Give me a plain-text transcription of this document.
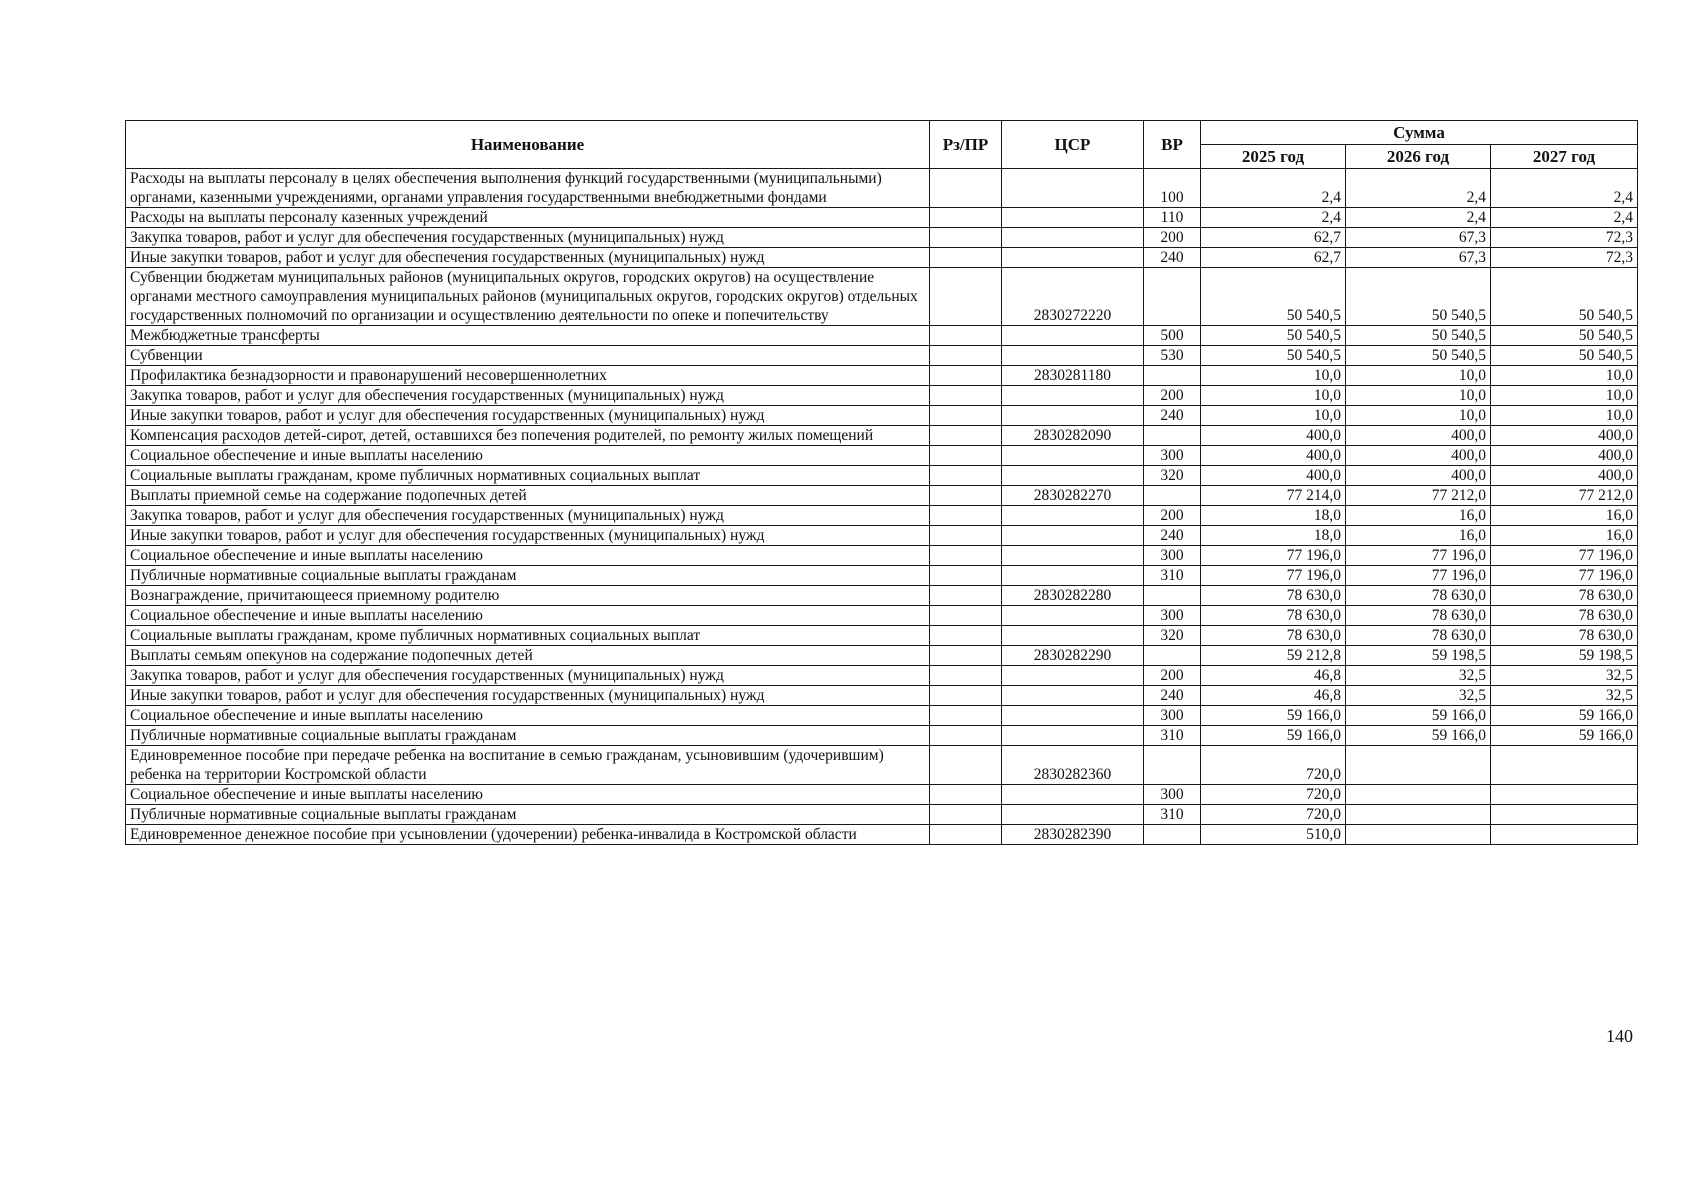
Наименование	Рз/ПР	ЦСР	ВР	Сумма		
				2025 год	2026 год	2027 год
Расходы на выплаты персоналу в целях обеспечения выполнения функций государственными (муниципальными) органами, казенными учреждениями, органами управления государственными внебюджетными фондами			100	2,4	2,4	2,4
Расходы на выплаты персоналу казенных учреждений			110	2,4	2,4	2,4
Закупка товаров, работ и услуг для обеспечения государственных (муниципальных) нужд			200	62,7	67,3	72,3
Иные закупки товаров, работ и услуг для обеспечения государственных (муниципальных) нужд			240	62,7	67,3	72,3
Субвенции бюджетам муниципальных районов (муниципальных округов, городских округов) на осуществление органами местного самоуправления муниципальных районов (муниципальных округов, городских округов) отдельных государственных полномочий по организации и осуществлению деятельности по опеке и попечительству		2830272220		50 540,5	50 540,5	50 540,5
Межбюджетные трансферты			500	50 540,5	50 540,5	50 540,5
Субвенции			530	50 540,5	50 540,5	50 540,5
Профилактика безнадзорности и правонарушений несовершеннолетних		2830281180		10,0	10,0	10,0
Закупка товаров, работ и услуг для обеспечения государственных (муниципальных) нужд			200	10,0	10,0	10,0
Иные закупки товаров, работ и услуг для обеспечения государственных (муниципальных) нужд			240	10,0	10,0	10,0
Компенсация расходов детей-сирот, детей, оставшихся без попечения родителей, по ремонту жилых помещений		2830282090		400,0	400,0	400,0
Социальное обеспечение и иные выплаты населению			300	400,0	400,0	400,0
Социальные выплаты гражданам, кроме публичных нормативных социальных выплат			320	400,0	400,0	400,0
Выплаты приемной семье на содержание подопечных детей		2830282270		77 214,0	77 212,0	77 212,0
Закупка товаров, работ и услуг для обеспечения государственных (муниципальных) нужд			200	18,0	16,0	16,0
Иные закупки товаров, работ и услуг для обеспечения государственных (муниципальных) нужд			240	18,0	16,0	16,0
Социальное обеспечение и иные выплаты населению			300	77 196,0	77 196,0	77 196,0
Публичные нормативные социальные выплаты гражданам			310	77 196,0	77 196,0	77 196,0
Вознаграждение, причитающееся приемному родителю		2830282280		78 630,0	78 630,0	78 630,0
Социальное обеспечение и иные выплаты населению			300	78 630,0	78 630,0	78 630,0
Социальные выплаты гражданам, кроме публичных нормативных социальных выплат			320	78 630,0	78 630,0	78 630,0
Выплаты семьям опекунов на содержание подопечных детей		2830282290		59 212,8	59 198,5	59 198,5
Закупка товаров, работ и услуг для обеспечения государственных (муниципальных) нужд			200	46,8	32,5	32,5
Иные закупки товаров, работ и услуг для обеспечения государственных (муниципальных) нужд			240	46,8	32,5	32,5
Социальное обеспечение и иные выплаты населению			300	59 166,0	59 166,0	59 166,0
Публичные нормативные социальные выплаты гражданам			310	59 166,0	59 166,0	59 166,0
Единовременное пособие при передаче ребенка на воспитание в семью гражданам, усыновившим (удочерившим) ребенка на территории Костромской области		2830282360		720,0		
Социальное обеспечение и иные выплаты населению			300	720,0		
Публичные нормативные социальные выплаты гражданам			310	720,0		
Единовременное денежное пособие при усыновлении (удочерении) ребенка-инвалида в Костромской области		2830282390		510,0		
140
